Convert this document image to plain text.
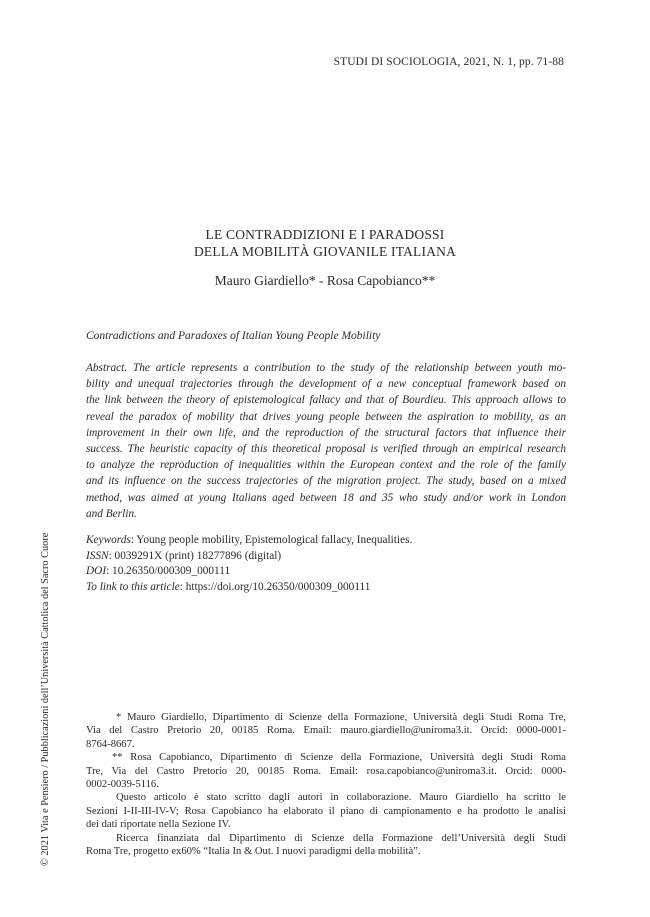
STUDI DI SOCIOLOGIA, 2021, N. 1, pp. 71-88
LE CONTRADDIZIONI E I PARADOSSI
DELLA MOBILITÀ GIOVANILE ITALIANA
Mauro Giardiello* - Rosa Capobianco**
Contradictions and Paradoxes of Italian Young People Mobility
Abstract. The article represents a contribution to the study of the relationship between youth mo-
bility and unequal trajectories through the development of a new conceptual framework based on
the link between the theory of epistemological fallacy and that of Bourdieu. This approach allows to
reveal the paradox of mobility that drives young people between the aspiration to mobility, as an
improvement in their own life, and the reproduction of the structural factors that influence their
success. The heuristic capacity of this theoretical proposal is verified through an empirical research
to analyze the reproduction of inequalities within the European context and the role of the family
and its influence on the success trajectories of the migration project. The study, based on a mixed
method, was aimed at young Italians aged between 18 and 35 who study and/or work in London
and Berlin.
Keywords: Young people mobility, Epistemological fallacy, Inequalities.
ISSN: 0039291X (print) 18277896 (digital)
DOI: 10.26350/000309_000111
To link to this article: https://doi.org/10.26350/000309_000111
* Mauro Giardiello, Dipartimento di Scienze della Formazione, Università degli Studi Roma Tre,
Via del Castro Pretorio 20, 00185 Roma. Email: mauro.giardiello@uniroma3.it. Orcid: 0000-0001-
8764-8667.
** Rosa Capobianco, Dipartimento di Scienze della Formazione, Università degli Studi Roma
Tre, Via del Castro Pretorio 20, 00185 Roma. Email: rosa.capobianco@uniroma3.it. Orcid: 0000-
0002-0039-5116.
Questo articolo è stato scritto dagli autori in collaborazione. Mauro Giardiello ha scritto le
Sezioni I-II-III-IV-V; Rosa Capobianco ha elaborato il piano di campionamento e ha prodotto le analisi
dei dati riportate nella Sezione IV.
Ricerca finanziata dal Dipartimento di Scienze della Formazione dell’Università degli Studi
Roma Tre, progetto ex60% “Italia In & Out. I nuovi paradigmi della mobilità”.
© 2021 Vita e Pensiero / Pubblicazioni dell’Università Cattolica del Sacro Cuore
